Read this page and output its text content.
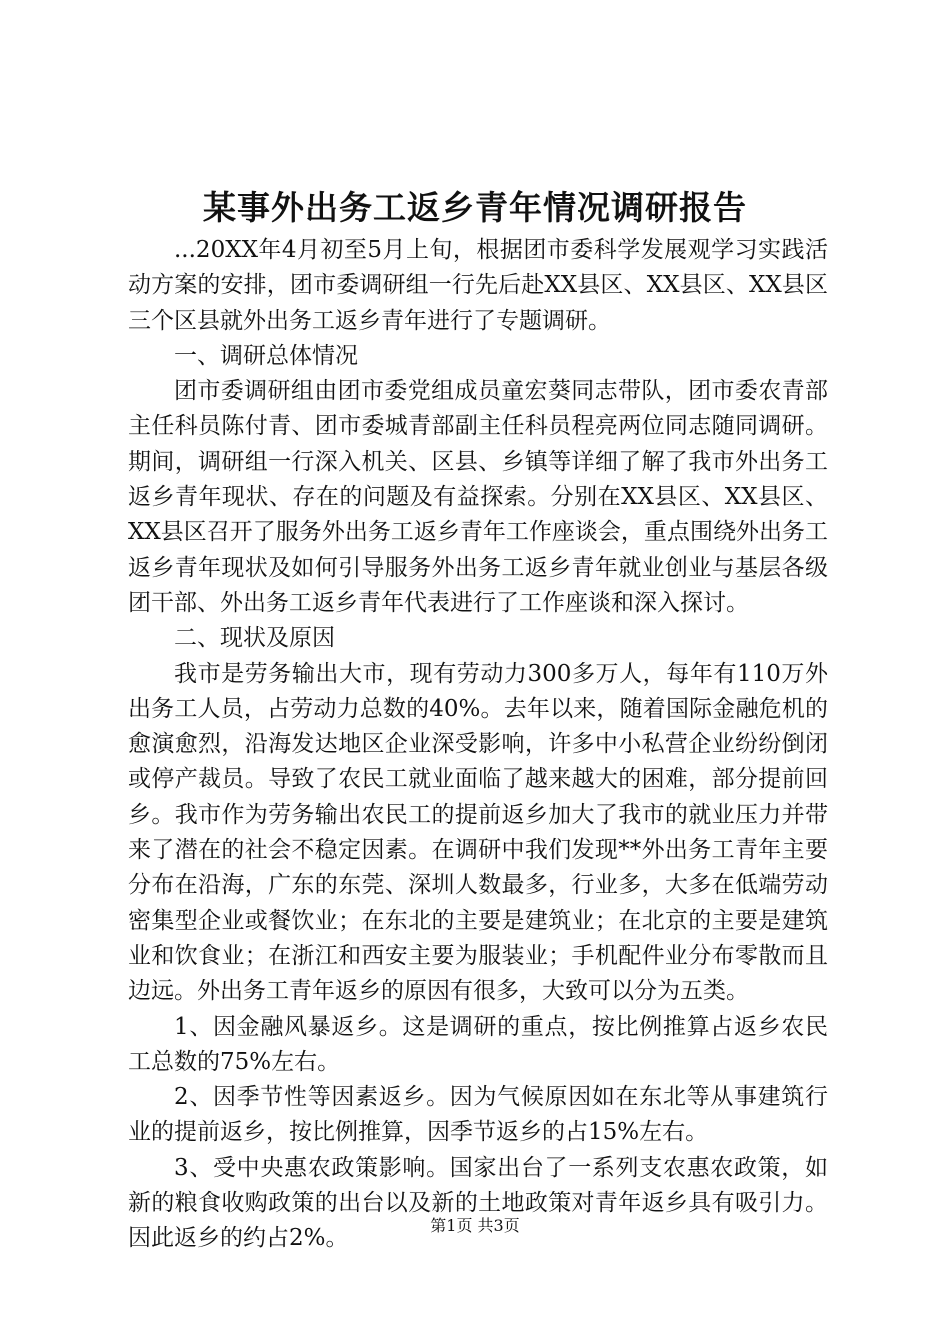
某事外出务工返乡青年情况调研报告

...20XX年4月初至5月上旬，根据团市委科学发展观学习实践活动方案的安排，团市委调研组一行先后赴XX县区、XX县区、XX县区三个区县就外出务工返乡青年进行了专题调研。

一、调研总体情况

团市委调研组由团市委党组成员童宏葵同志带队，团市委农青部主任科员陈付青、团市委城青部副主任科员程亮两位同志随同调研。期间，调研组一行深入机关、区县、乡镇等详细了解了我市外出务工返乡青年现状、存在的问题及有益探索。分别在XX县区、XX县区、XX县区召开了服务外出务工返乡青年工作座谈会，重点围绕外出务工返乡青年现状及如何引导服务外出务工返乡青年就业创业与基层各级团干部、外出务工返乡青年代表进行了工作座谈和深入探讨。

二、现状及原因

我市是劳务输出大市，现有劳动力300多万人，每年有110万外出务工人员，占劳动力总数的40%。去年以来，随着国际金融危机的愈演愈烈，沿海发达地区企业深受影响，许多中小私营企业纷纷倒闭或停产裁员。导致了农民工就业面临了越来越大的困难，部分提前回乡。我市作为劳务输出农民工的提前返乡加大了我市的就业压力并带来了潜在的社会不稳定因素。在调研中我们发现**外出务工青年主要分布在沿海，广东的东莞、深圳人数最多，行业多，大多在低端劳动密集型企业或餐饮业；在东北的主要是建筑业；在北京的主要是建筑业和饮食业；在浙江和西安主要为服装业；手机配件业分布零散而且边远。外出务工青年返乡的原因有很多，大致可以分为五类。

1、因金融风暴返乡。这是调研的重点，按比例推算占返乡农民工总数的75%左右。

2、因季节性等因素返乡。因为气候原因如在东北等从事建筑行业的提前返乡，按比例推算，因季节返乡的占15%左右。

3、受中央惠农政策影响。国家出台了一系列支农惠农政策，如新的粮食收购政策的出台以及新的土地政策对青年返乡具有吸引力。因此返乡的约占2%。	第1页 共3页
